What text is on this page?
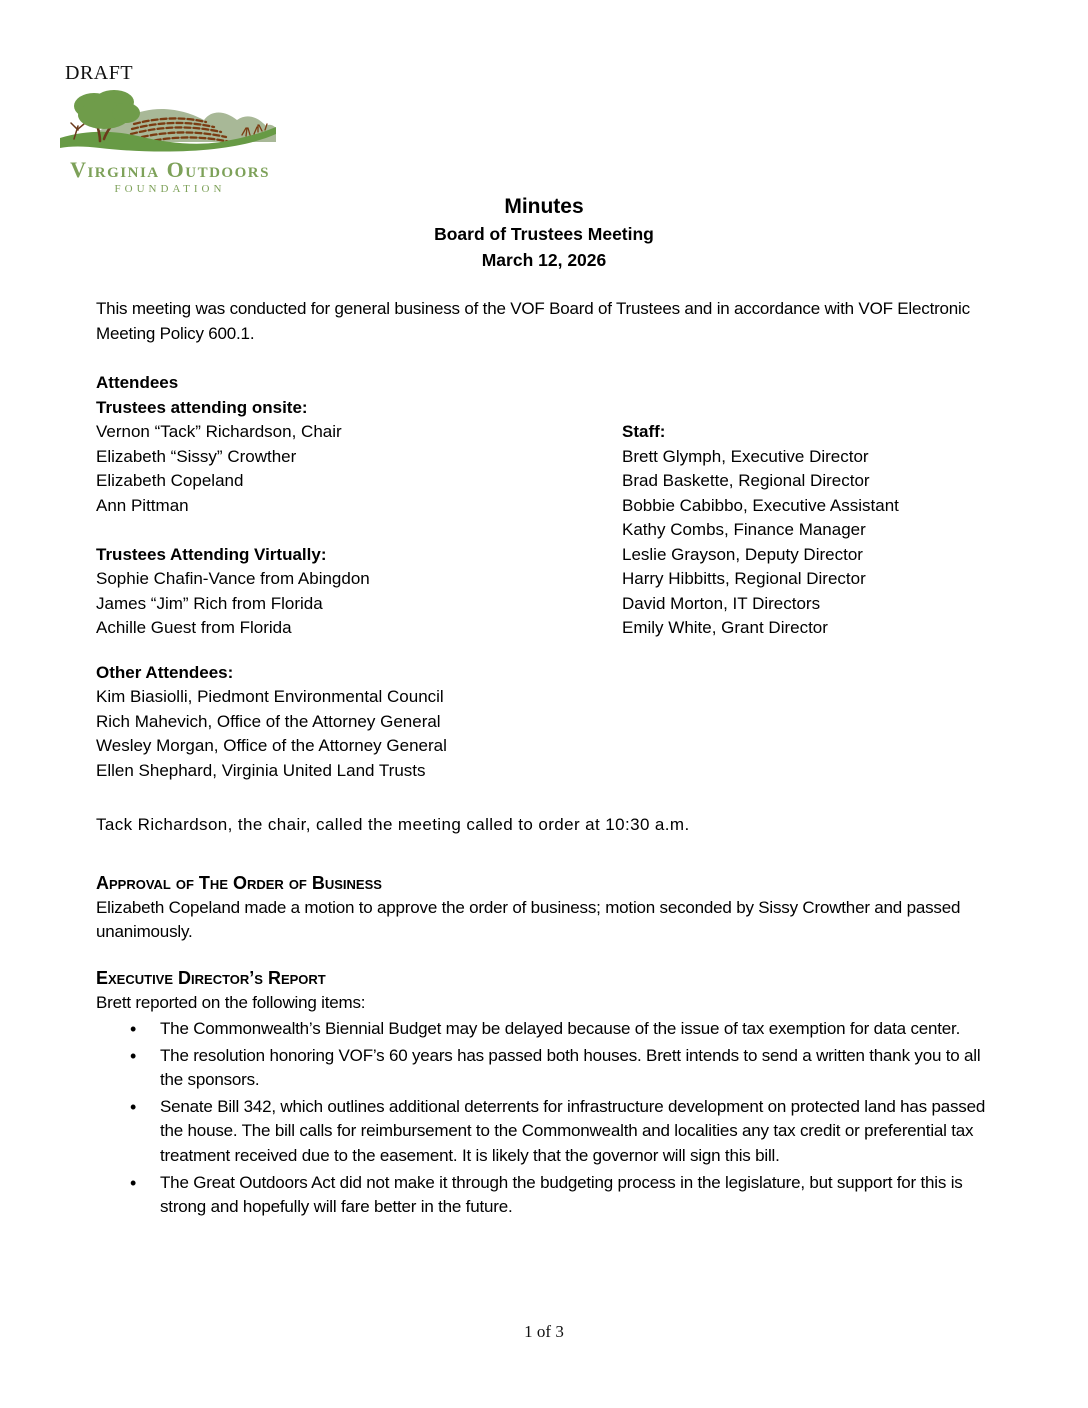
DRAFT
Virginia Outdoors
FOUNDATION
Minutes
Board of Trustees Meeting
March 12, 2026

This meeting was conducted for general business of the VOF Board of Trustees and in accordance with VOF Electronic Meeting Policy 600.1.

Attendees
Trustees attending onsite:
Vernon “Tack” Richardson, Chair	Staff:
Elizabeth “Sissy” Crowther	Brett Glymph, Executive Director
Elizabeth Copeland	Brad Baskette, Regional Director
Ann Pittman	Bobbie Cabibbo, Executive Assistant
Kathy Combs, Finance Manager
Trustees Attending Virtually:	Leslie Grayson, Deputy Director
Sophie Chafin-Vance from Abingdon	Harry Hibbitts, Regional Director
James “Jim” Rich from Florida	David Morton, IT Directors
Achille Guest from Florida	Emily White, Grant Director
Other Attendees:
Kim Biasiolli, Piedmont Environmental Council
Rich Mahevich, Office of the Attorney General
Wesley Morgan, Office of the Attorney General
Ellen Shephard, Virginia United Land Trusts

Tack Richardson, the chair, called the meeting called to order at 10:30 a.m.

Approval of The Order of Business

Elizabeth Copeland made a motion to approve the order of business; motion seconded by Sissy Crowther and passed unanimously.

Executive Director’s Report

Brett reported on the following items:

• The Commonwealth’s Biennial Budget may be delayed because of the issue of tax exemption for data center.
• The resolution honoring VOF’s 60 years has passed both houses. Brett intends to send a written thank you to all the sponsors.
• Senate Bill 342, which outlines additional deterrents for infrastructure development on protected land has passed the house. The bill calls for reimbursement to the Commonwealth and localities any tax credit or preferential tax treatment received due to the easement. It is likely that the governor will sign this bill.
• The Great Outdoors Act did not make it through the budgeting process in the legislature, but support for this is strong and hopefully will fare better in the future.
1 of 3
